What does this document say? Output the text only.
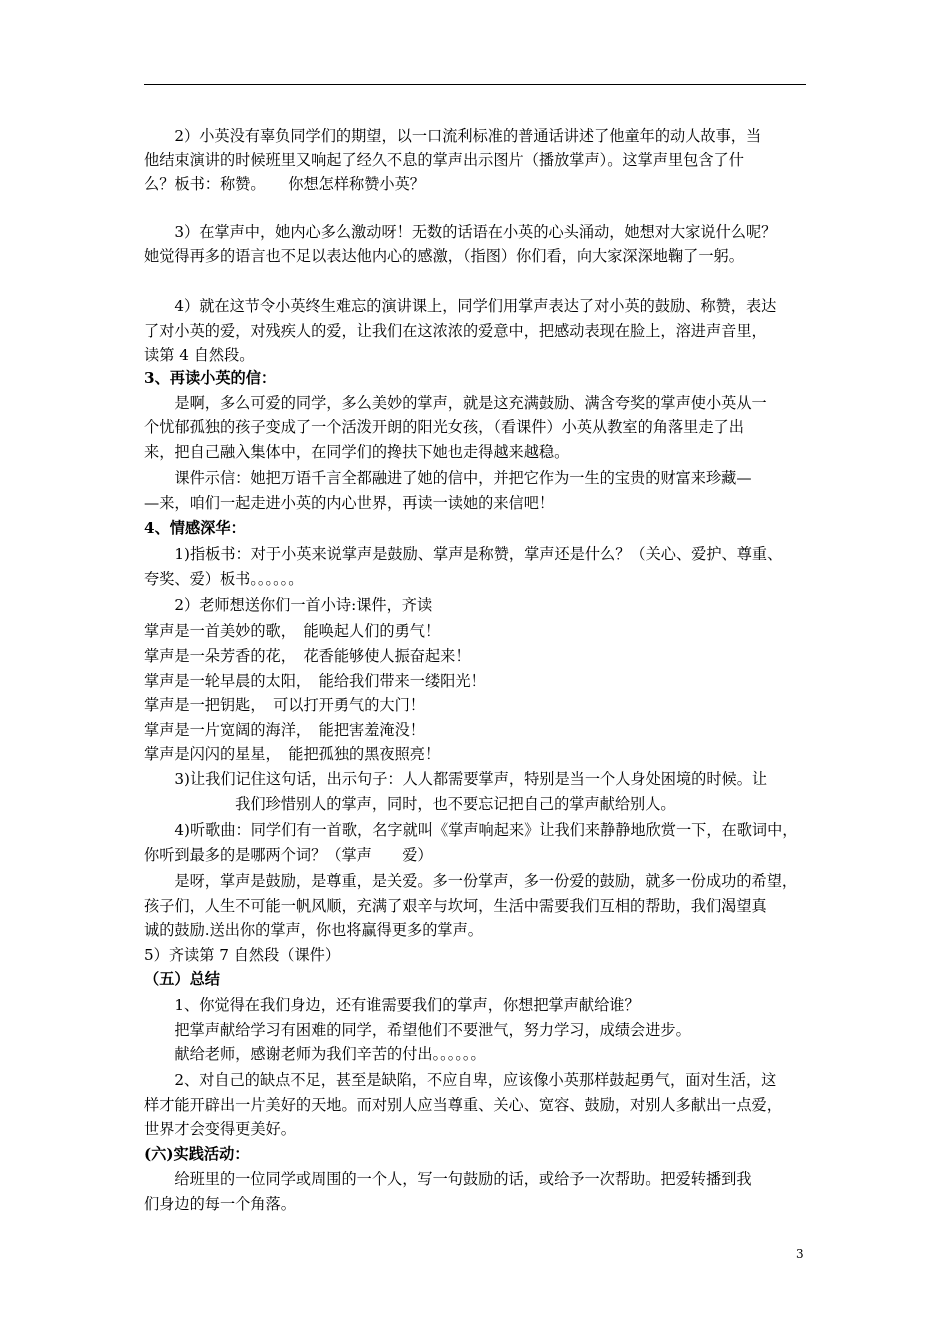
　　2）小英没有辜负同学们的期望，以一口流利标准的普通话讲述了他童年的动人故事，当
他结束演讲的时候班里又响起了经久不息的掌声出示图片（播放掌声）。这掌声里包含了什
么？板书：称赞。　　你想怎样称赞小英？
　　3）在掌声中，她内心多么激动呀！无数的话语在小英的心头涌动，她想对大家说什么呢？
她觉得再多的语言也不足以表达他内心的感激，（指图）你们看，向大家深深地鞠了一躬。
　　4）就在这节令小英终生难忘的演讲课上，同学们用掌声表达了对小英的鼓励、称赞，表达
了对小英的爱，对残疾人的爱，让我们在这浓浓的爱意中，把感动表现在脸上，溶进声音里，
读第 4 自然段。
3、再读小英的信：
　　是啊，多么可爱的同学，多么美妙的掌声，就是这充满鼓励、满含夸奖的掌声使小英从一
个忧郁孤独的孩子变成了一个活泼开朗的阳光女孩，（看课件）小英从教室的角落里走了出
来，把自己融入集体中，在同学们的搀扶下她也走得越来越稳。
　　课件示信：她把万语千言全都融进了她的信中，并把它作为一生的宝贵的财富来珍藏—
—来，咱们一起走进小英的内心世界，再读一读她的来信吧！
4、情感深华：
　　1)指板书：对于小英来说掌声是鼓励、掌声是称赞，掌声还是什么？（关心、爱护、尊重、
夸奖、爱）板书。。。。。。
　　2）老师想送你们一首小诗:课件，齐读
掌声是一首美妙的歌，　能唤起人们的勇气！
掌声是一朵芳香的花，　花香能够使人振奋起来！
掌声是一轮早晨的太阳，　能给我们带来一缕阳光！
掌声是一把钥匙，　可以打开勇气的大门！
掌声是一片宽阔的海洋，　能把害羞淹没！
掌声是闪闪的星星，　能把孤独的黑夜照亮！
　　3)让我们记住这句话，出示句子：人人都需要掌声，特别是当一个人身处困境的时候。让
　　　　　　我们珍惜别人的掌声，同时，也不要忘记把自己的掌声献给别人。
　　4)听歌曲：同学们有一首歌，名字就叫《掌声响起来》让我们来静静地欣赏一下，在歌词中，
你听到最多的是哪两个词？（掌声　　爱）
　　是呀，掌声是鼓励，是尊重，是关爱。多一份掌声，多一份爱的鼓励，就多一份成功的希望，
孩子们，人生不可能一帆风顺，充满了艰辛与坎坷，生活中需要我们互相的帮助，我们渴望真
诚的鼓励.送出你的掌声，你也将赢得更多的掌声。
5）齐读第 7 自然段（课件）
（五）总结
　　1、你觉得在我们身边，还有谁需要我们的掌声，你想把掌声献给谁？
　　把掌声献给学习有困难的同学，希望他们不要泄气，努力学习，成绩会进步。
　　献给老师，感谢老师为我们辛苦的付出。。。。。。
　　2、对自己的缺点不足，甚至是缺陷，不应自卑，应该像小英那样鼓起勇气，面对生活，这
样才能开辟出一片美好的天地。而对别人应当尊重、关心、宽容、鼓励，对别人多献出一点爱，
世界才会变得更美好。
(六)实践活动：
　　给班里的一位同学或周围的一个人，写一句鼓励的话，或给予一次帮助。把爱转播到我
们身边的每一个角落。
3
